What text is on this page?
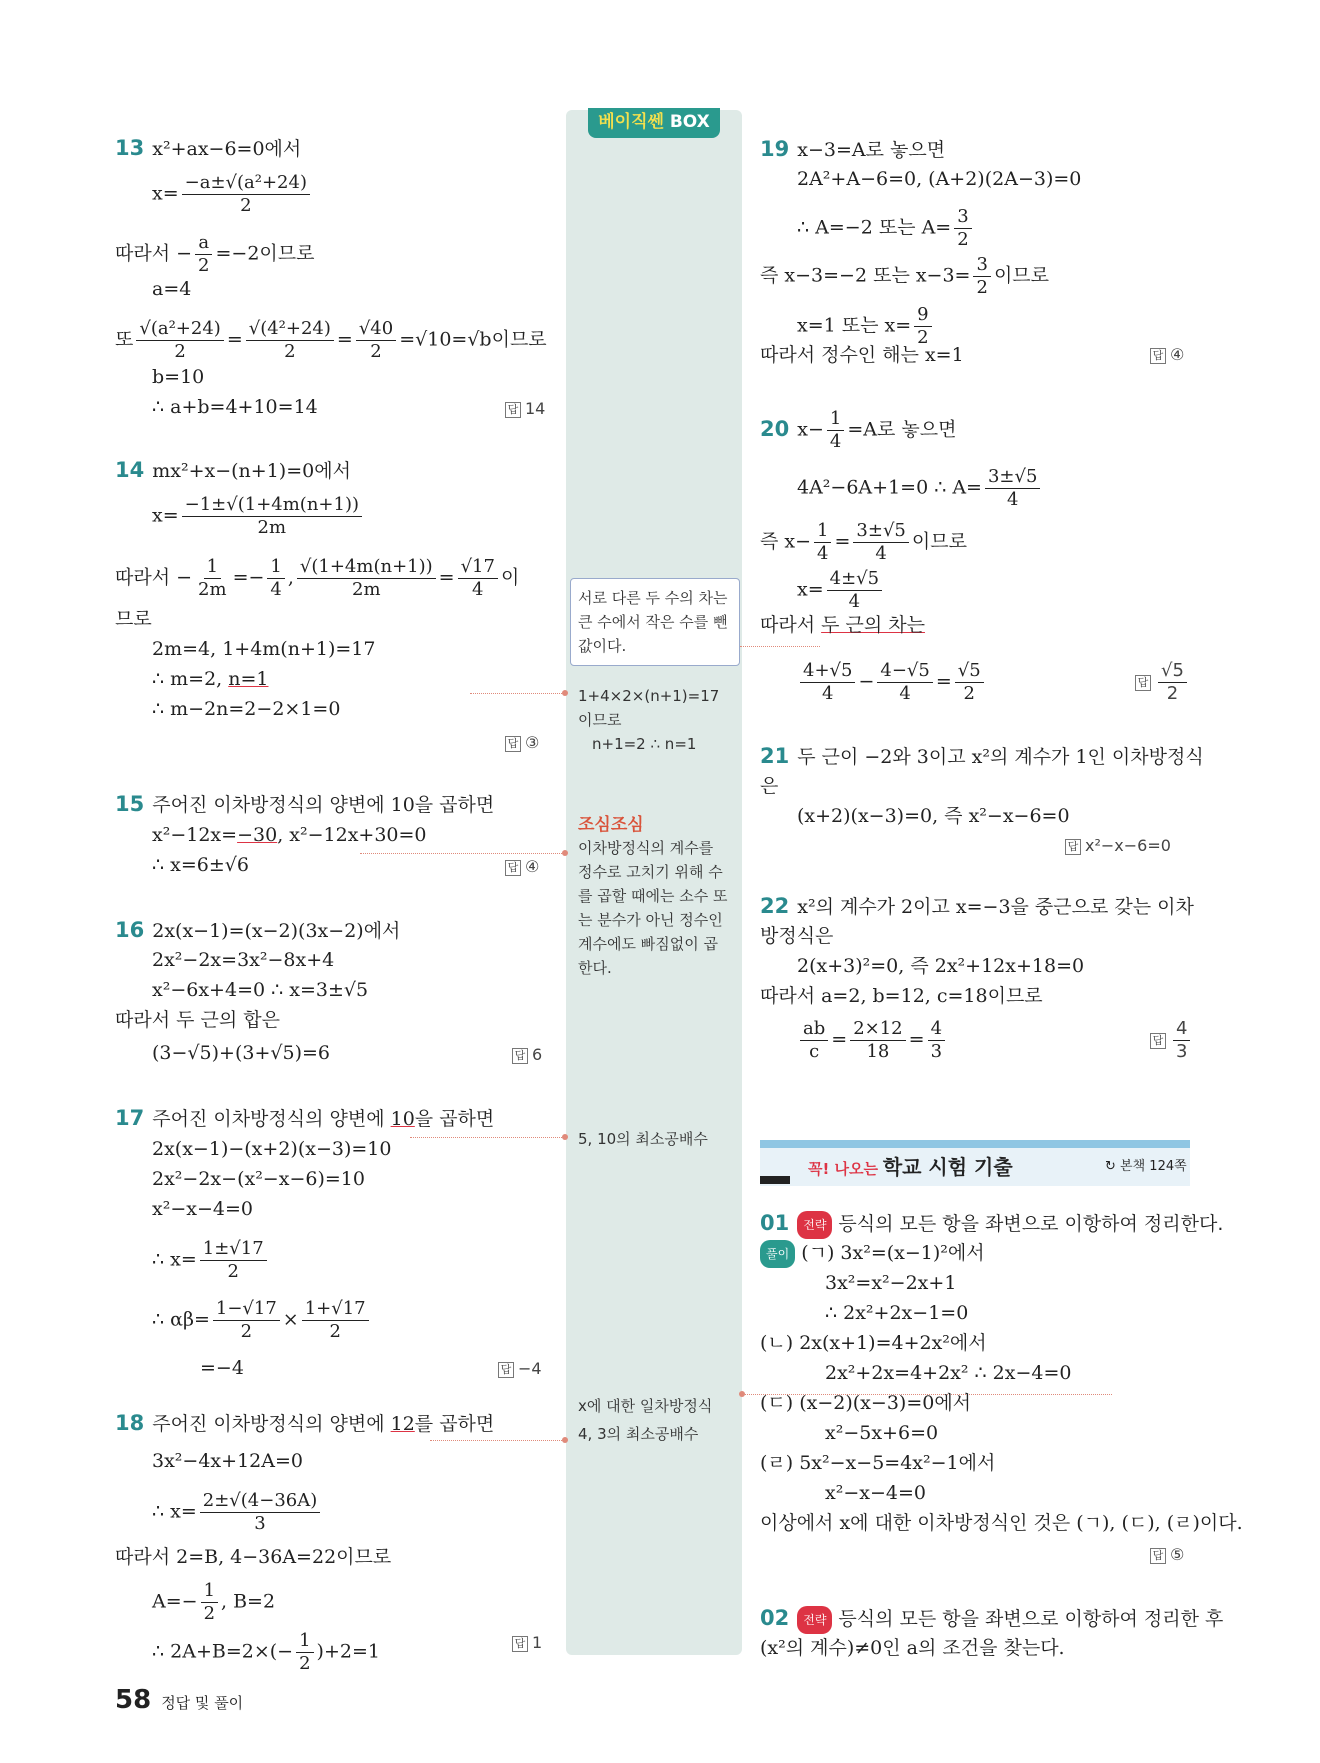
서로 다른 두 수의 차는
큰 수에서 작은 수를 뺀
값이다.
1+4×2×(n+1)=17
이므로
n+1=2 ∴ n=1
조심조심
이차방정식의 계수를
정수로 고치기 위해 수
를 곱할 때에는 소수 또
는 분수가 아닌 정수인
계수에도 빠짐없이 곱
한다.
5, 10의 최소공배수
x에 대한 일차방정식
4, 3의 최소공배수
베이직쎈 BOX
13 x²+ax−6=0에서
$x= \frac{\text{−a±√(a²+24)}}{2}$
따라서 − $\frac{a}{2} =-2$이므로
a=4
또 $\frac{\text{√(a²+24)}}{2} = \frac{\text{√(4²+24)}}{2} = \frac{√40}{2} =√10=√b$이므로
b=10
∴ a+b=4+10=14	답 14
14 mx²+x−(n+1)=0에서
$x= \frac{-1\pm√(1+4m(n+1))}{2m}$
따라서 − $\frac{1}{2m} =- \frac{1}{4}$ , $\frac{√(1+4m(n+1))}{2m} = \frac{√17}{4}$ 이
므로
2m=4, 1+4m(n+1)=17
∴ m=2, n=1
∴ m−2n=2−2×1=0
답 ③
15 주어진 이차방정식의 양변에 10을 곱하면
x²−12x=−30, x²−12x+30=0
∴ x=6±√6	답 ④
16 2x(x−1)=(x−2)(3x−2)에서
2x²−2x=3x²−8x+4
x²−6x+4=0 ∴ x=3±√5
따라서 두 근의 합은
(3−√5)+(3+√5)=6	답 6
17 주어진 이차방정식의 양변에 10을 곱하면
2x(x−1)−(x+2)(x−3)=10
2x²−2x−(x²−x−6)=10
x²−x−4=0
∴ $x= \frac{1\pm√17}{2}$
∴ $\alpha\beta= \frac{1-√17}{2} \times \frac{1+√17}{2}$
=−4	답 −4
18 주어진 이차방정식의 양변에 12를 곱하면
3x²−4x+12A=0
∴ $x= \frac{2\pm√(4-36A)}{3}$
따라서 2=B, 4−36A=22이므로
$A=- \frac{1}{2}$ , B=2
∴ $2A+B=2\times(- \frac{1}{2} )+2=1$	답 1
19 x−3=A로 놓으면
2A²+A−6=0, (A+2)(2A−3)=0
∴ A=−2 또는 $A= \frac{3}{2}$
즉 x−3=−2 또는 $x-3= \frac{3}{2}$ 이므로
x=1 또는 $x= \frac{9}{2}$
따라서 정수인 해는 x=1	답 ④
20 $x- \frac{1}{4} =A$로 놓으면
4A²−6A+1=0 ∴ $A= \frac{3\pm√5}{4}$
즉 $x- \frac{1}{4} = \frac{3\pm√5}{4}$ 이므로
$x= \frac{4\pm√5}{4}$
따라서 두 근의 차는
$\frac{4+√5}{4} - \frac{4-√5}{4} = \frac{√5}{2}$	답 $\frac{√5}{2}$
21 두 근이 −2와 3이고 x²의 계수가 1인 이차방정식
은
(x+2)(x−3)=0, 즉 x²−x−6=0
답 x²−x−6=0
22 x²의 계수가 2이고 x=−3을 중근으로 갖는 이차
방정식은
2(x+3)²=0, 즉 2x²+12x+18=0
따라서 a=2, b=12, c=18이므로
$\frac{ab}{c} = \frac{2\times 12}{18} = \frac{4}{3}$	답 $\frac{4}{3}$
꼭! 나오는 학교 시험 기출	↻ 본책 124쪽
01 전략 등식의 모든 항을 좌변으로 이항하여 정리한다.
풀이 (ㄱ) 3x²=(x−1)²에서
3x²=x²−2x+1
∴ 2x²+2x−1=0
(ㄴ) 2x(x+1)=4+2x²에서
2x²+2x=4+2x² ∴ 2x−4=0
(ㄷ) (x−2)(x−3)=0에서
x²−5x+6=0
(ㄹ) 5x²−x−5=4x²−1에서
x²−x−4=0
이상에서 x에 대한 이차방정식인 것은 (ㄱ), (ㄷ), (ㄹ)이다.
답 ⑤
02 전략 등식의 모든 항을 좌변으로 이항하여 정리한 후
(x²의 계수)≠0인 a의 조건을 찾는다.
58 정답 및 풀이
